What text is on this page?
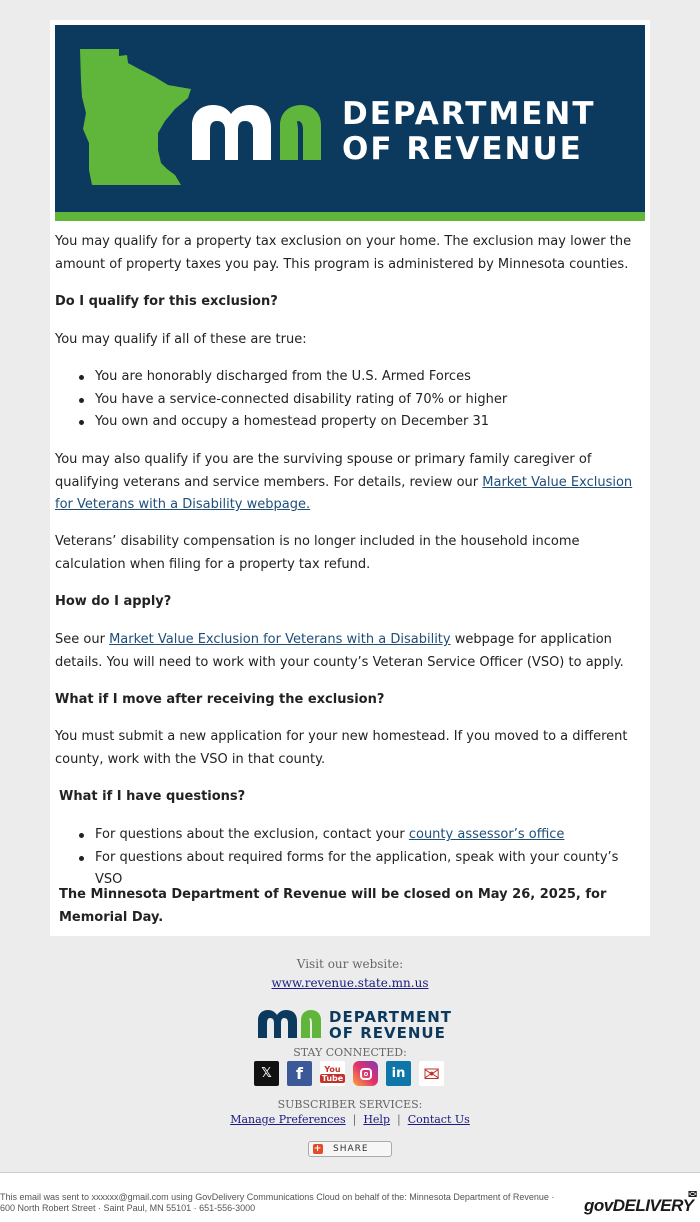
DEPARTMENT
OF REVENUE
You may qualify for a property tax exclusion on your home. The exclusion may lower the amount of property taxes you pay. This program is administered by Minnesota counties.
Do I qualify for this exclusion?
You may qualify if all of these are true:
You are honorably discharged from the U.S. Armed Forces
You have a service-connected disability rating of 70% or higher
You own and occupy a homestead property on December 31
You may also qualify if you are the surviving spouse or primary family caregiver of qualifying veterans and service members. For details, review our Market Value Exclusion for Veterans with a Disability webpage.
Veterans’ disability compensation is no longer included in the household income calculation when filing for a property tax refund.
How do I apply?
See our Market Value Exclusion for Veterans with a Disability webpage for application details. You will need to work with your county’s Veteran Service Officer (VSO) to apply.
What if I move after receiving the exclusion?
You must submit a new application for your new homestead. If you moved to a different county, work with the VSO in that county.
What if I have questions?
For questions about the exclusion, contact your county assessor’s office
For questions about required forms for the application, speak with your county’s VSO
The Minnesota Department of Revenue will be closed on May 26, 2025, for Memorial Day.
Visit our website:
www.revenue.state.mn.us
DEPARTMENT
OF REVENUE
STAY CONNECTED:
𝕏	f	You
Tube	in ✉
SUBSCRIBER SERVICES:
Manage Preferences  |  Help  |  Contact Us
+ SHARE
This email was sent to xxxxxx@gmail.com using GovDelivery Communications Cloud on behalf of the: Minnesota Department of Revenue · 600 North Robert Street · Saint Paul, MN 55101 · 651-556-3000	govDELIVERY
✉
